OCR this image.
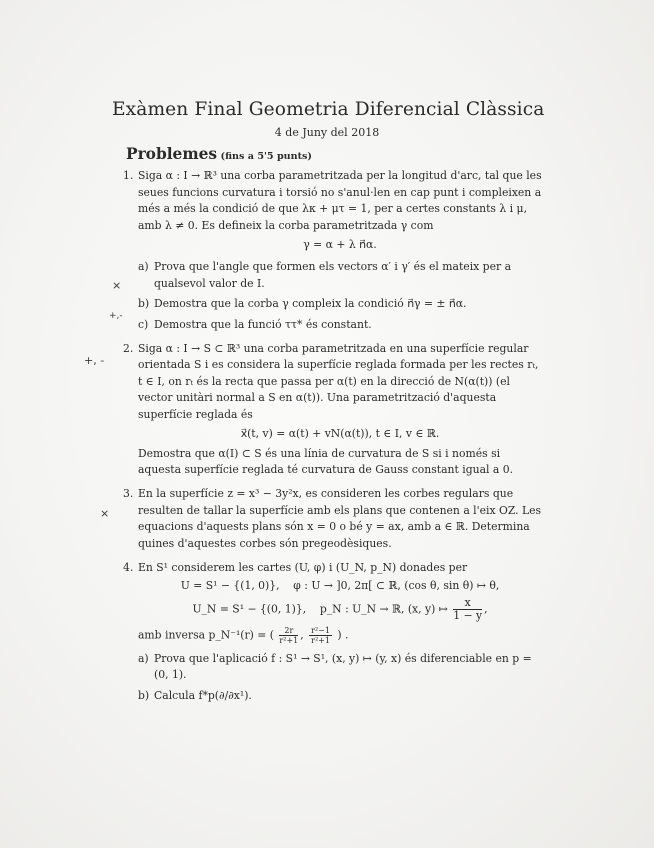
⨯
+,-
+, -
⨯
Exàmen Final Geometria Diferencial Clàssica
4 de Juny del 2018
Problemes (fins a 5'5 punts)
1. Siga α : I → ℝ³ una corba parametritzada per la longitud d'arc, tal que les seues funcions curvatura i torsió no s'anul·len en cap punt i compleixen a més a més la condició de que λκ + μτ = 1, per a certes constants λ i μ, amb λ ≠ 0. Es defineix la corba parametritzada γ com
γ = α + λ n⃗α.
a) Prova que l'angle que formen els vectors α′ i γ′ és el mateix per a qualsevol valor de I.
b) Demostra que la corba γ compleix la condició n⃗γ = ± n⃗α.
c) Demostra que la funció ττ* és constant.
2. Siga α : I → S ⊂ ℝ³ una corba parametritzada en una superfície regular orientada S i es considera la superfície reglada formada per les rectes rₜ, t ∈ I, on rₜ és la recta que passa per α(t) en la direcció de N(α(t)) (el vector unitàri normal a S en α(t)). Una parametrització d'aquesta superfície reglada és
x⃗(t, v) = α(t) + vN(α(t)), t ∈ I, v ∈ ℝ.
Demostra que α(I) ⊂ S és una línia de curvatura de S si i només si aquesta superfície reglada té curvatura de Gauss constant igual a 0.
3. En la superfície z = x³ − 3y²x, es consideren les corbes regulars que resulten de tallar la superfície amb els plans que contenen a l'eix OZ. Les equacions d'aquests plans són x = 0 o bé y = ax, amb a ∈ ℝ. Determina quines d'aquestes corbes són pregeodèsiques.
4. En S¹ considerem les cartes (U, φ) i (U_N, p_N) donades per
U = S¹ − {(1, 0)}, φ : U → ]0, 2π[ ⊂ ℝ, (cos θ, sin θ) ↦ θ,
U_N = S¹ − {(0, 1)}, p_N : U_N → ℝ, (x, y) ↦ $\frac{x}{1 - y}$ ,
amb inversa p_N⁻¹(r) = ( $\frac{2r}{\text{r²+1}}$ , $\frac{\text{r²−1}}{\text{r²+1}}$ ) .
a) Prova que l'aplicació f : S¹ → S¹, (x, y) ↦ (y, x) és diferenciable en p = (0, 1).
b) Calcula f*p(∂/∂x¹).
